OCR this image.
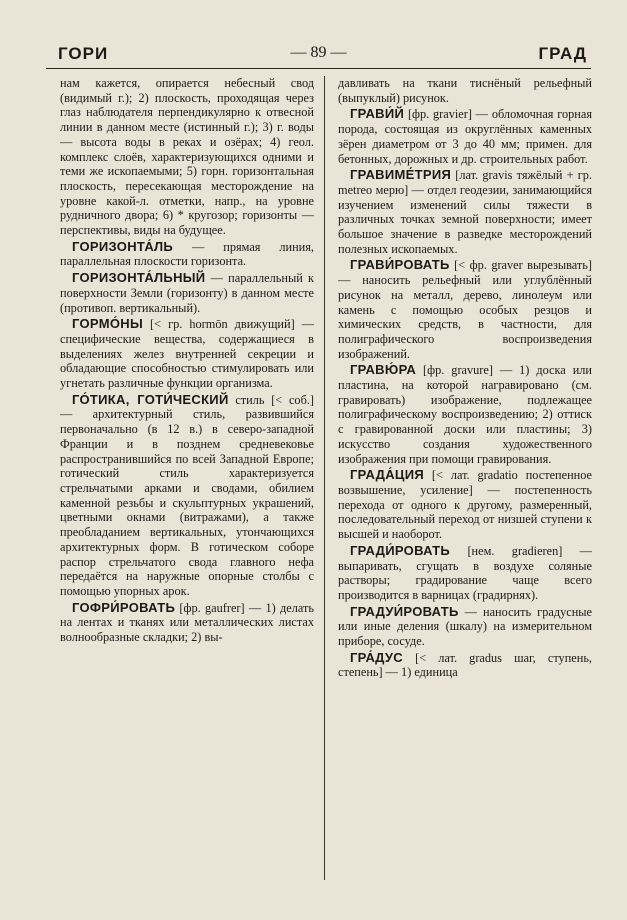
ГОРИ	— 89 —	ГРАД

нам кажется, опирается небесный свод (видимый г.); 2) плоскость, проходящая через глаз наблюдателя перпендикулярно к отвесной линии в данном месте (истинный г.); 3) г. воды — высота воды в реках и озёрах; 4) геол. комплекс слоёв, характеризующихся одними и теми же ископаемыми; 5) горн. горизонтальная плоскость, пересекающая месторождение на уровне какой-л. отметки, напр., на уровне рудничного двора; 6) * кругозор; горизонты — перспективы, виды на будущее.

ГОРИЗОНТА́ЛЬ — прямая линия, параллельная плоскости горизонта.

ГОРИЗОНТА́ЛЬНЫЙ — параллельный к поверхности Земли (горизонту) в данном месте (противоп. вертикальный).

ГОРМО́НЫ [< гр. hormōn движущий] — специфические вещества, содержащиеся в выделениях желез внутренней секреции и обладающие способностью стимулировать или угнетать различные функции организма.

ГО́ТИКА, ГОТИ́ЧЕСКИЙ стиль [< соб.] — архитектурный стиль, развившийся первоначально (в 12 в.) в северо-западной Франции и в позднем средневековье распространившийся по всей Западной Европе; готический стиль характеризуется стрельчатыми арками и сводами, обилием каменной резьбы и скульптурных украшений, цветными окнами (витражами), а также преобладанием вертикальных, утончающихся архитектурных форм. В готическом соборе распор стрельчатого свода главного нефа передаётся на наружные опорные столбы с помощью упорных арок.

ГОФРИ́РОВАТЬ [фр. gaufrer] — 1) делать на лентах и тканях или металлических листах волнообразные складки; 2) вы-

давливать на ткани тиснёный рельефный (выпуклый) рисунок.

ГРАВИ́Й [фр. gravier] — обломочная горная порода, состоящая из округлённых каменных зёрен диаметром от 3 до 40 мм; примен. для бетонных, дорожных и др. строительных работ.

ГРАВИМЕ́ТРИЯ [лат. gravis тяжёлый + гр. metreo мерю] — отдел геодезии, занимающийся изучением изменений силы тяжести в различных точках земной поверхности; имеет большое значение в разведке месторождений полезных ископаемых.

ГРАВИ́РОВАТЬ [< фр. graver вырезывать] — наносить рельефный или углублённый рисунок на металл, дерево, линолеум или камень с помощью особых резцов и химических средств, в частности, для полиграфического воспроизведения изображений.

ГРАВЮ́РА [фр. gravure] — 1) доска или пластина, на которой награвировано (см. гравировать) изображение, подлежащее полиграфическому воспроизведению; 2) оттиск с гравированной доски или пластины; 3) искусство создания художественного изображения при помощи гравирования.

ГРАДА́ЦИЯ [< лат. gradatio постепенное возвышение, усиление] — постепенность перехода от одного к другому, размеренный, последовательный переход от низшей ступени к высшей и наоборот.

ГРАДИ́РОВАТЬ [нем. gradieren] — выпаривать, сгущать в воздухе соляные растворы; градирование чаще всего производится в варницах (градирнях).

ГРАДУИ́РОВАТЬ — наносить градусные или иные деления (шкалу) на измерительном приборе, сосуде.

ГРА́ДУС [< лат. gradus шаг, ступень, степень] — 1) единица
